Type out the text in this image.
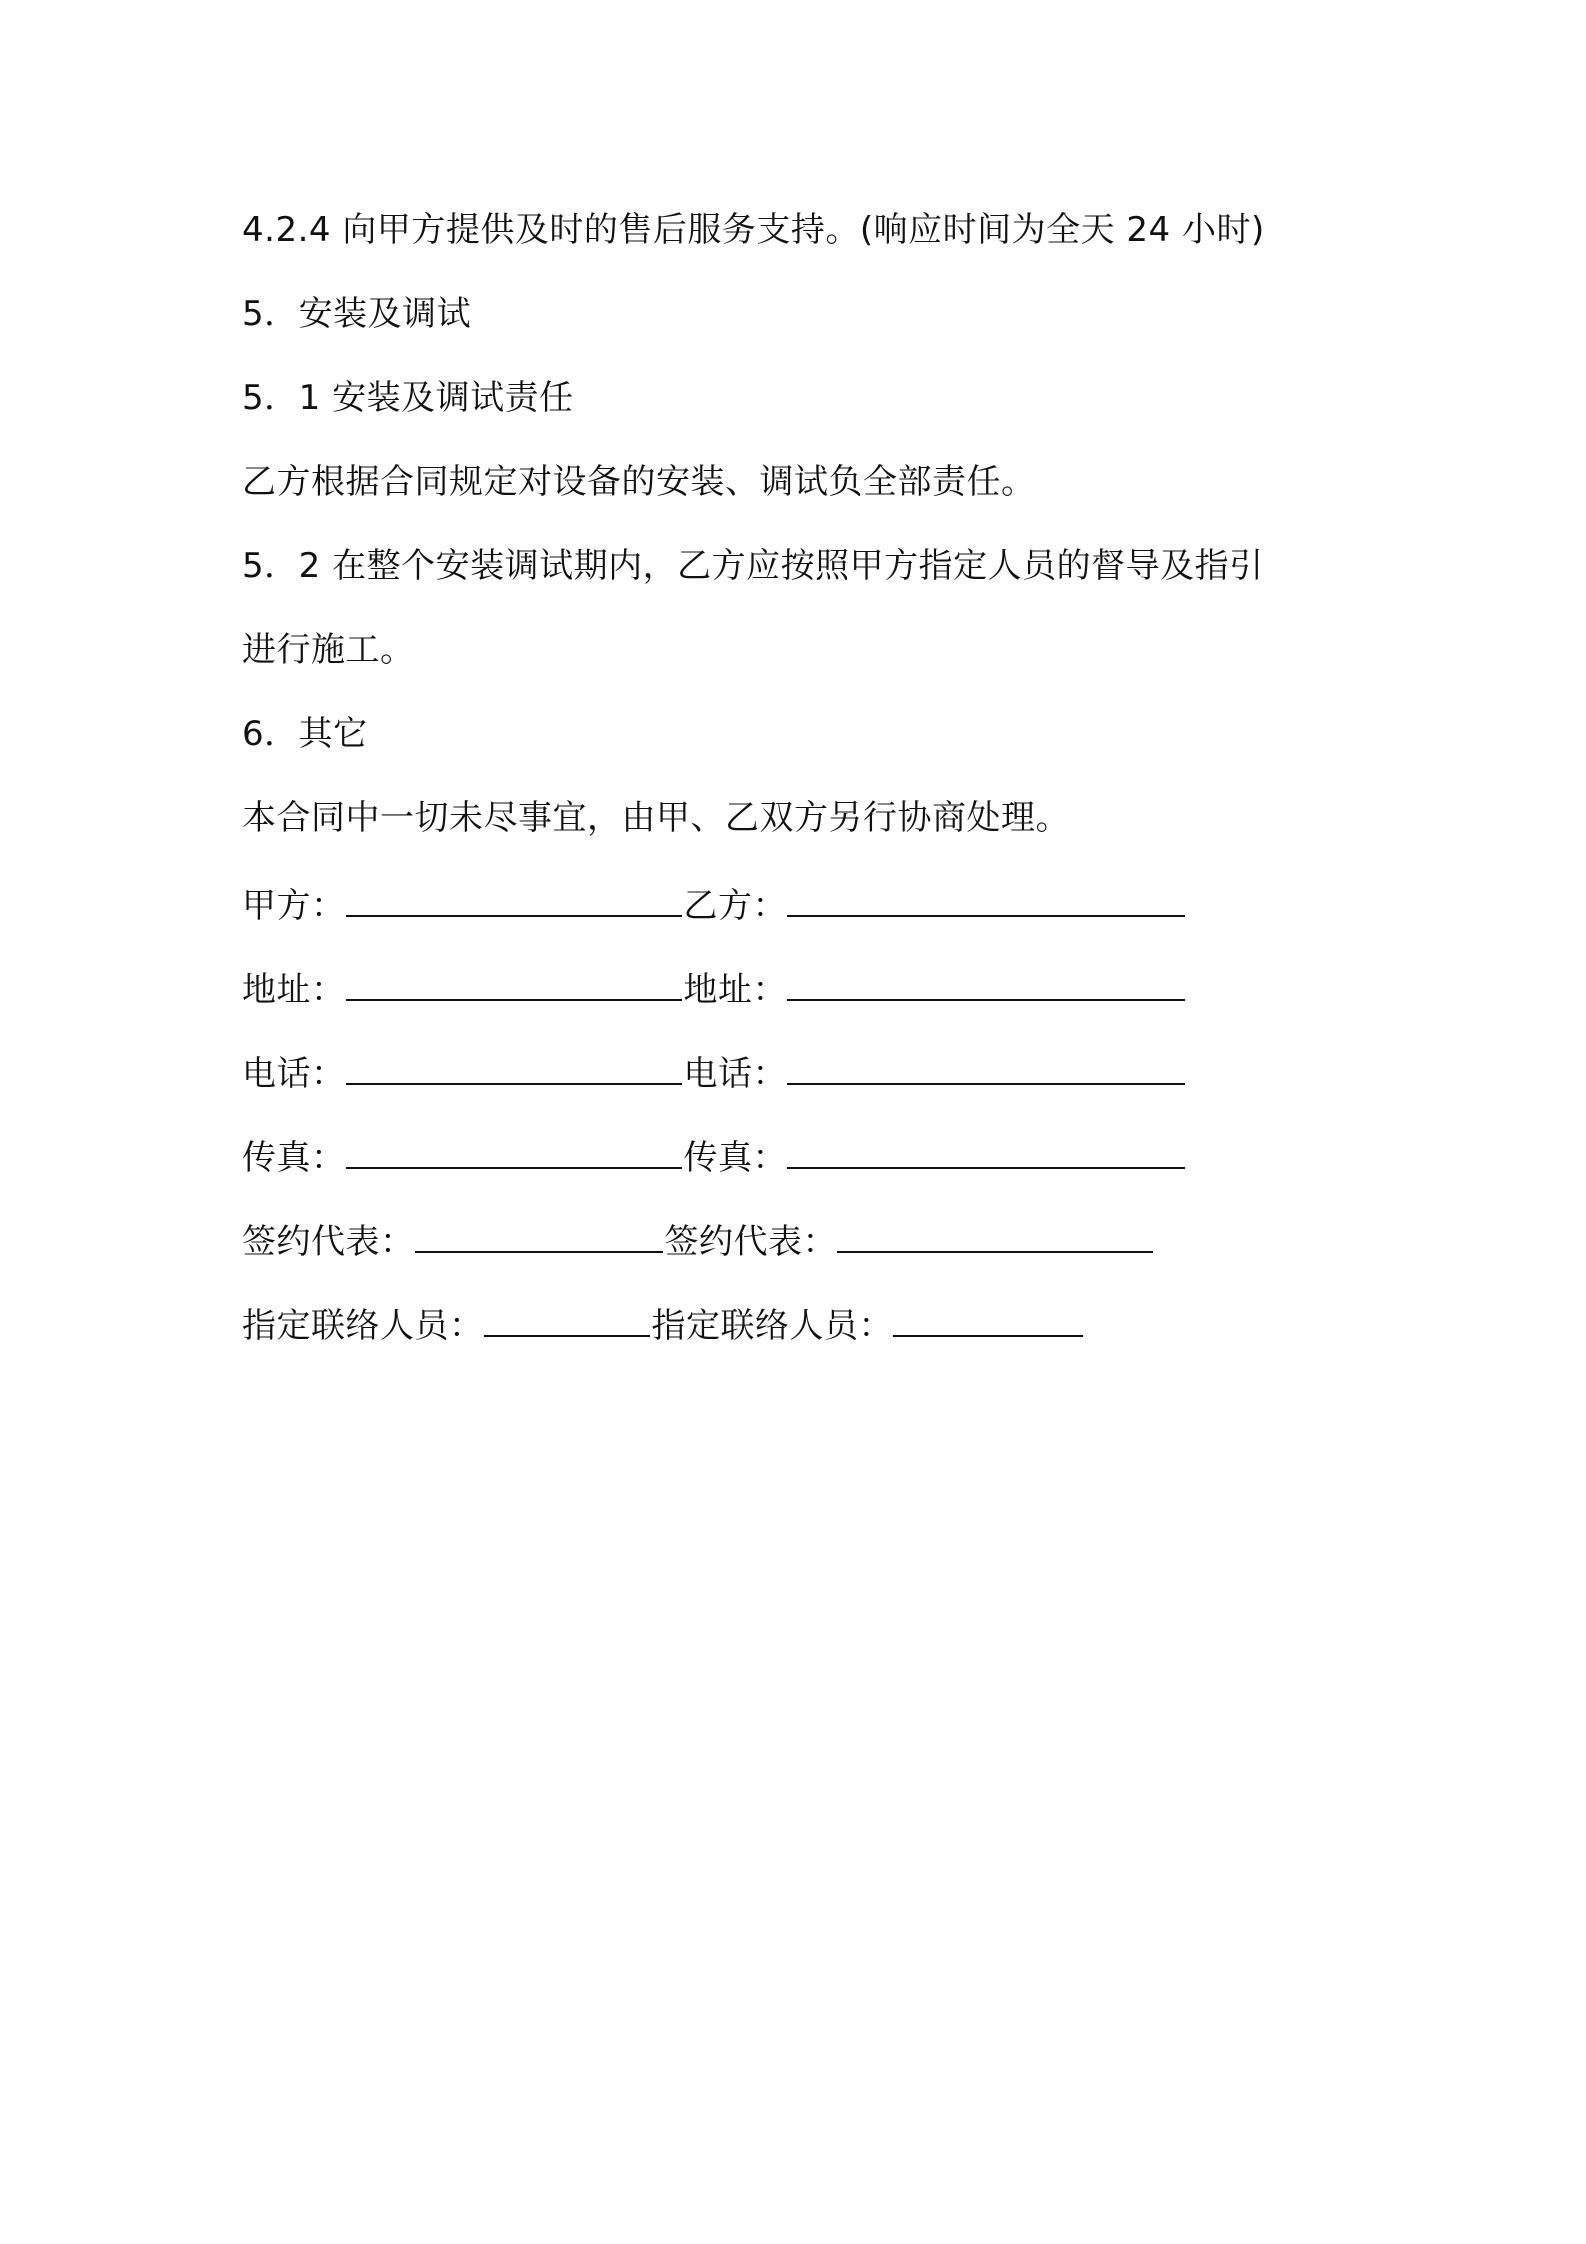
4.2.4 向甲方提供及时的售后服务支持。(响应时间为全天 24 小时)
5．安装及调试
5．1 安装及调试责任
乙方根据合同规定对设备的安装、调试负全部责任。
5．2 在整个安装调试期内，乙方应按照甲方指定人员的督导及指引
进行施工。
6．其它
本合同中一切未尽事宜，由甲、乙双方另行协商处理。
甲方：	乙方：
地址：	地址：
电话：	电话：
传真：	传真：
签约代表：	签约代表：
指定联络人员：	指定联络人员：
